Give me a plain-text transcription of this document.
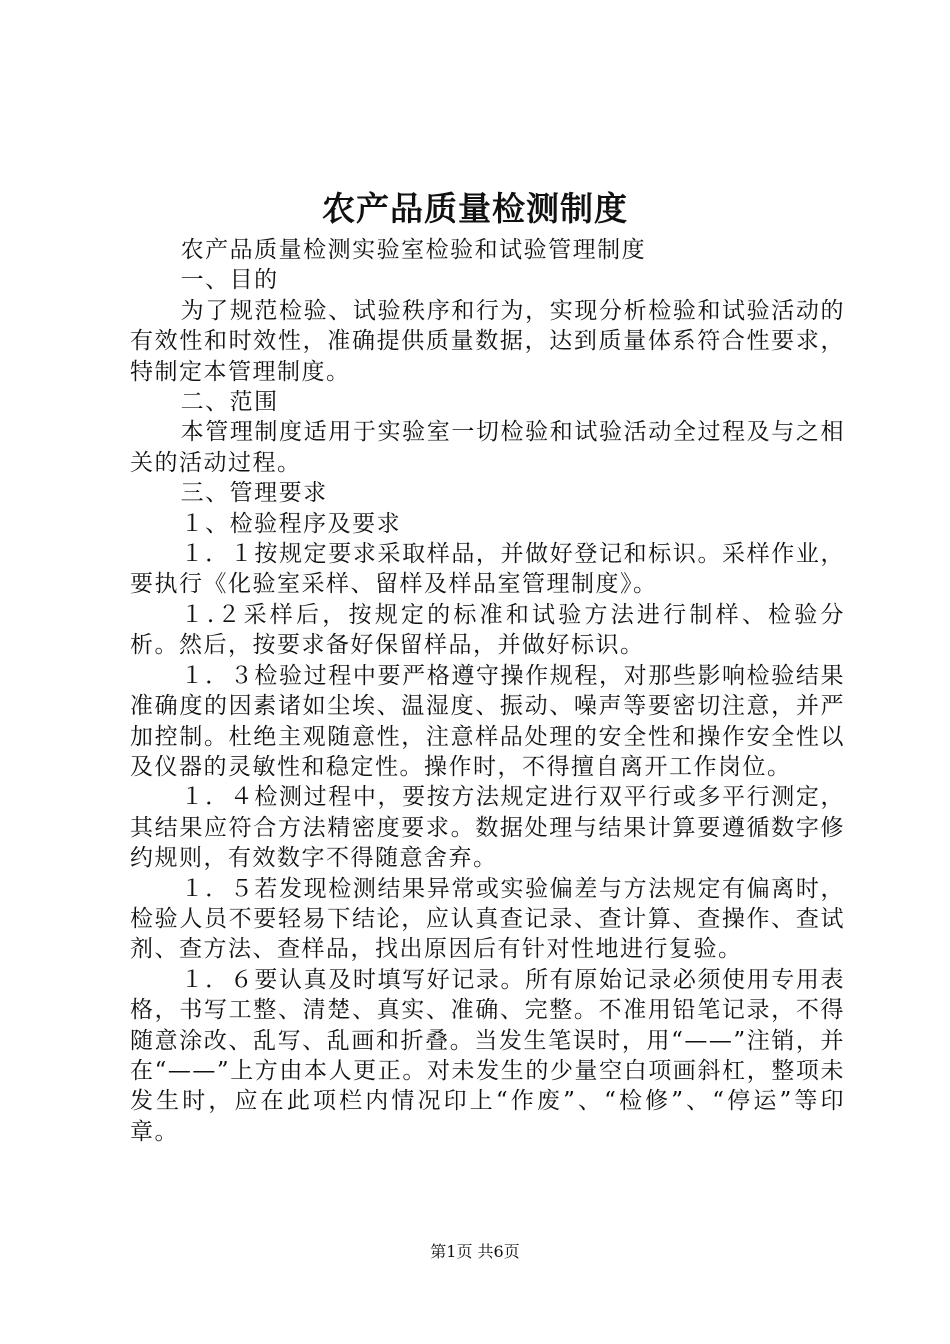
农产品质量检测制度

农产品质量检测实验室检验和试验管理制度

一、目的

为了规范检验、试验秩序和行为，实现分析检验和试验活动的有效性和时效性，准确提供质量数据，达到质量体系符合性要求，特制定本管理制度。

二、范围

本管理制度适用于实验室一切检验和试验活动全过程及与之相关的活动过程。

三、管理要求

１、检验程序及要求

１．１按规定要求采取样品，并做好登记和标识。采样作业，要执行《化验室采样、留样及样品室管理制度》。

１.２采样后，按规定的标准和试验方法进行制样、检验分析。然后，按要求备好保留样品，并做好标识。

１．３检验过程中要严格遵守操作规程，对那些影响检验结果准确度的因素诸如尘埃、温湿度、振动、噪声等要密切注意，并严加控制。杜绝主观随意性，注意样品处理的安全性和操作安全性以及仪器的灵敏性和稳定性。操作时，不得擅自离开工作岗位。

１．４检测过程中，要按方法规定进行双平行或多平行测定，其结果应符合方法精密度要求。数据处理与结果计算要遵循数字修约规则，有效数字不得随意舍弃。

１．５若发现检测结果异常或实验偏差与方法规定有偏离时，检验人员不要轻易下结论，应认真查记录、查计算、查操作、查试剂、查方法、查样品，找出原因后有针对性地进行复验。

１．６要认真及时填写好记录。所有原始记录必须使用专用表格，书写工整、清楚、真实、准确、完整。不准用铅笔记录，不得随意涂改、乱写、乱画和折叠。当发生笔误时，用“——”注销，并在“——”上方由本人更正。对未发生的少量空白项画斜杠，整项未发生时，应在此项栏内情况印上“作废”、“检修”、“停运”等印章。

第1页 共6页
